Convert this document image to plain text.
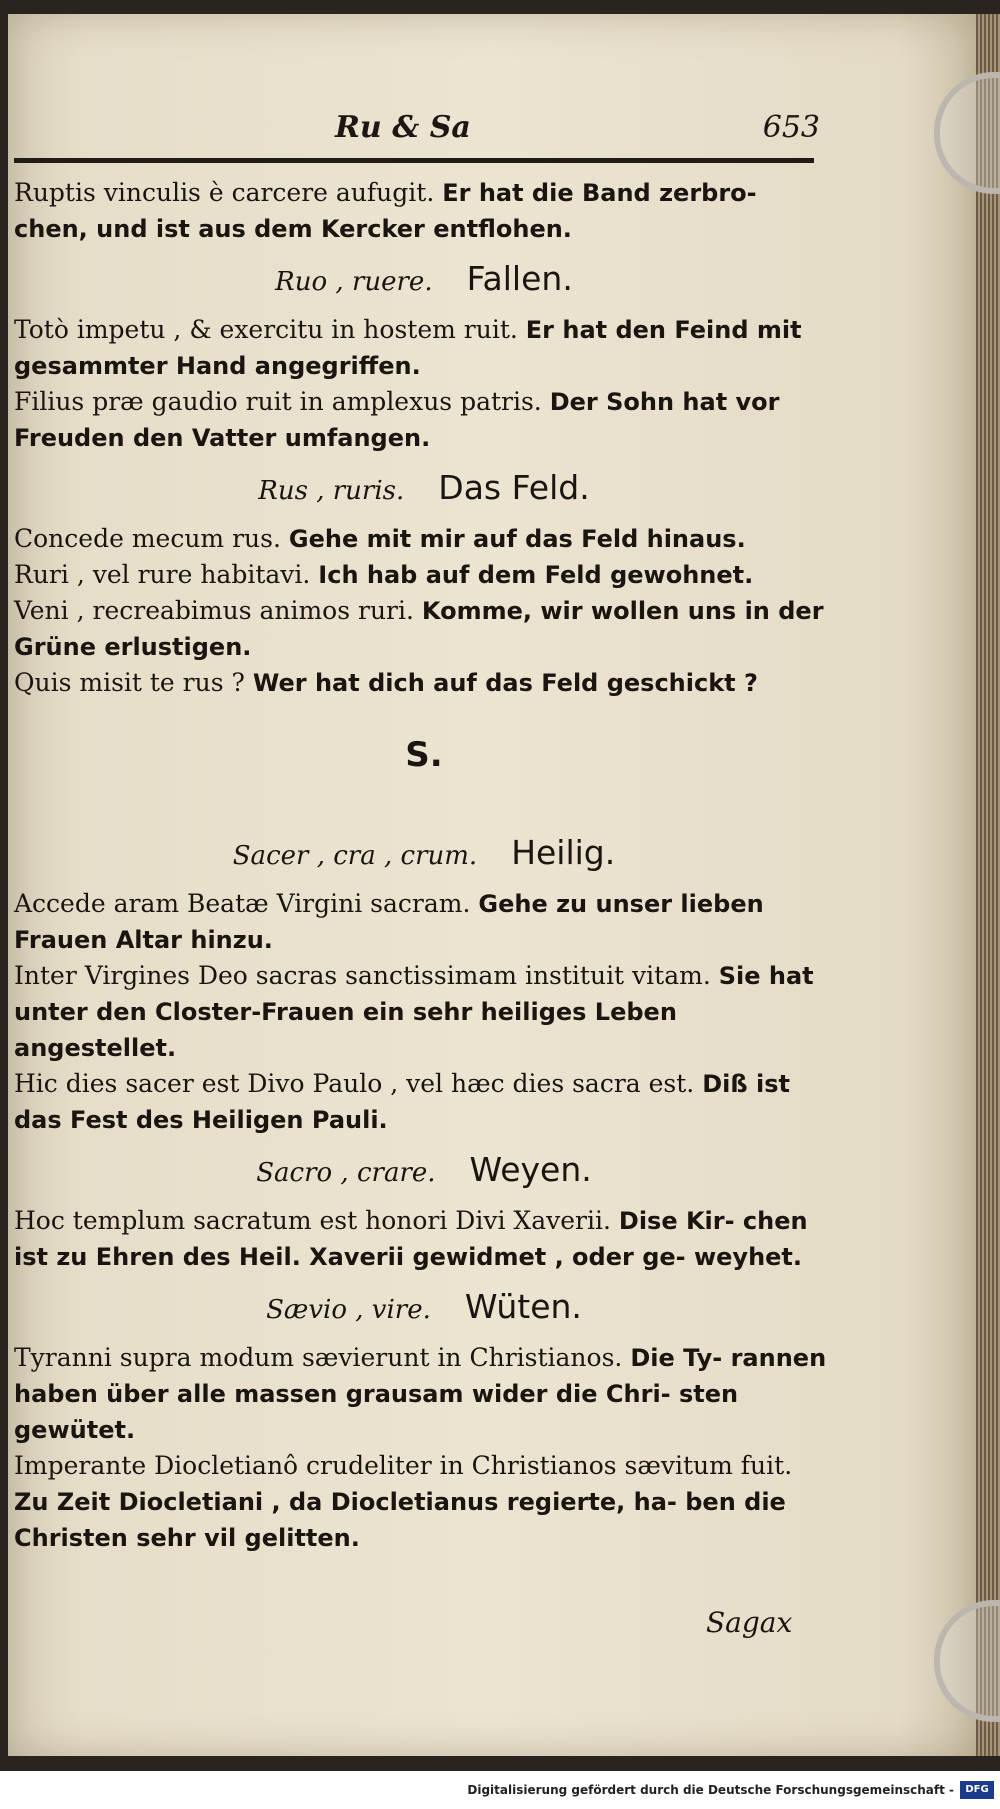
Ru & Sa	653
Ruptis vinculis è carcere aufugit. Er hat die Band zerbro- chen, und ist aus dem Kercker entflohen.
Ruo , ruere. Fallen.
Totò impetu , & exercitu in hostem ruit. Er hat den Feind mit gesammter Hand angegriffen.
Filius præ gaudio ruit in amplexus patris. Der Sohn hat vor Freuden den Vatter umfangen.
Rus , ruris. Das Feld.
Concede mecum rus. Gehe mit mir auf das Feld hinaus.
Ruri , vel rure habitavi. Ich hab auf dem Feld gewohnet.
Veni , recreabimus animos ruri. Komme, wir wollen uns in der Grüne erlustigen.
Quis misit te rus ? Wer hat dich auf das Feld geschickt ?
S.
Sacer , cra , crum. Heilig.
Accede aram Beatæ Virgini sacram. Gehe zu unser lieben Frauen Altar hinzu.
Inter Virgines Deo sacras sanctissimam instituit vitam. Sie hat unter den Closter-Frauen ein sehr heiliges Leben angestellet.
Hic dies sacer est Divo Paulo , vel hæc dies sacra est. Diß ist das Fest des Heiligen Pauli.
Sacro , crare. Weyen.
Hoc templum sacratum est honori Divi Xaverii. Dise Kir- chen ist zu Ehren des Heil. Xaverii gewidmet , oder ge- weyhet.
Sævio , vire. Wüten.
Tyranni supra modum sævierunt in Christianos. Die Ty- rannen haben über alle massen grausam wider die Chri- sten gewütet.
Imperante Diocletianô crudeliter in Christianos sævitum fuit. Zu Zeit Diocletiani , da Diocletianus regierte, ha- ben die Christen sehr vil gelitten.
Sagax
Digitalisierung gefördert durch die Deutsche Forschungsgemeinschaft -	DFG
